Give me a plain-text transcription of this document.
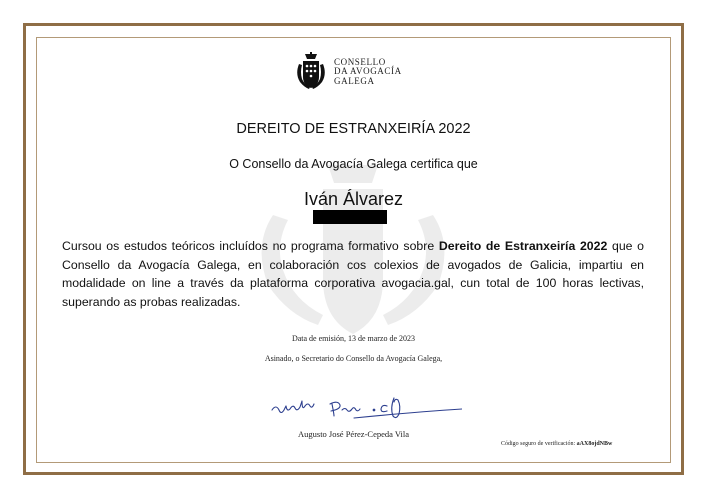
CONSELLO
DA AVOGACÍA
GALEGA
DEREITO DE ESTRANXEIRÍA 2022
O Consello da Avogacía Galega certifica que
Iván Álvarez
Cursou os estudos teóricos incluídos no programa formativo sobre Dereito de Estranxeiría 2022 que o Consello da Avogacía Galega, en colaboración cos colexios de avogados de Galicia, impartiu en modalidade on line a través da plataforma corporativa avogacia.gal, cun total de 100 horas lectivas, superando as probas realizadas.
Data de emisión, 13 de marzo de 2023
Asinado, o Secretario do Consello da Avogacía Galega,
Augusto José Pérez-Cepeda Vila
Código seguro de verificación: aAX8ojdNBw
